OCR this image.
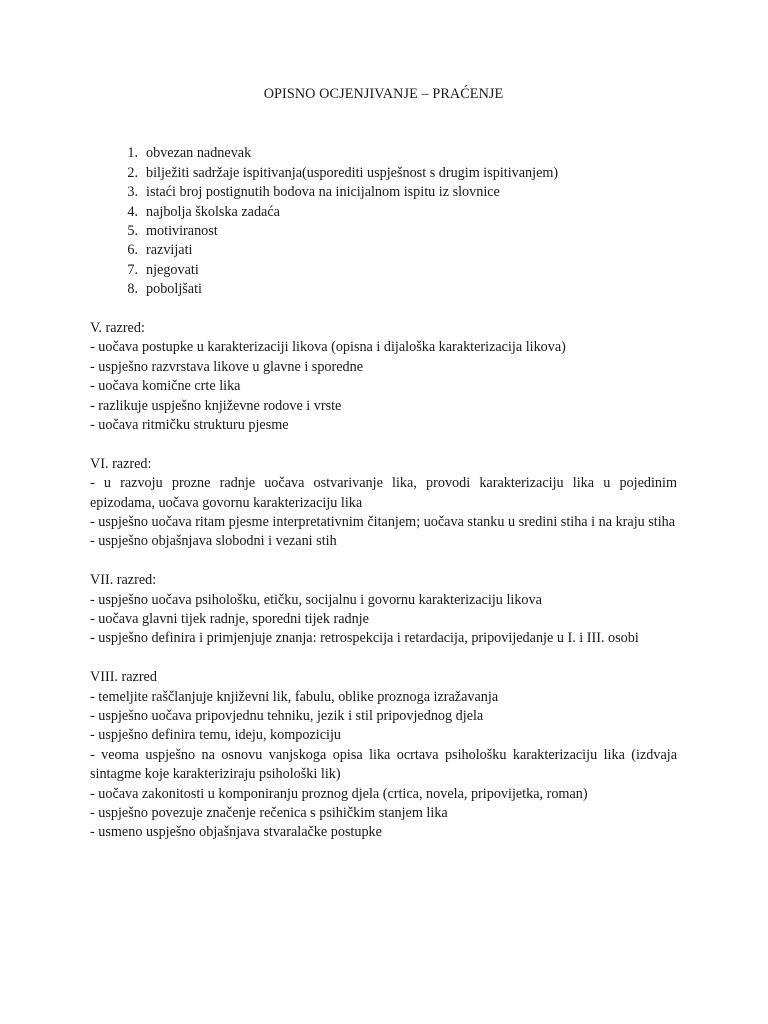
OPISNO OCJENJIVANJE – PRAĆENJE
1. obvezan nadnevak
2. bilježiti sadržaje ispitivanja(usporediti uspješnost s drugim ispitivanjem)
3. istaći broj postignutih bodova na inicijalnom ispitu iz slovnice
4. najbolja školska zadaća
5. motiviranost
6. razvijati
7. njegovati
8. poboljšati

V. razred:

- uočava postupke u karakterizaciji likova (opisna i dijaloška karakterizacija likova)

- uspješno razvrstava likove u glavne i sporedne

- uočava komične crte lika

- razlikuje uspješno književne rodove i vrste

- uočava ritmičku strukturu pjesme

VI. razred:

- u razvoju prozne radnje uočava ostvarivanje lika, provodi karakterizaciju lika u pojedinim epizodama, uočava govornu karakterizaciju lika

- uspješno uočava ritam pjesme interpretativnim čitanjem; uočava stanku u sredini stiha i na kraju stiha

- uspješno objašnjava slobodni i vezani stih

VII. razred:

- uspješno uočava psihološku, etičku, socijalnu i govornu karakterizaciju likova

- uočava glavni tijek radnje, sporedni tijek radnje

- uspješno definira i primjenjuje znanja: retrospekcija i retardacija, pripovijedanje u I. i III. osobi

VIII. razred

- temeljite raščlanjuje književni lik, fabulu, oblike proznoga izražavanja

- uspješno uočava pripovjednu tehniku, jezik i stil pripovjednog djela

- uspješno definira temu, ideju, kompoziciju

- veoma uspješno na osnovu vanjskoga opisa lika ocrtava psihološku karakterizaciju lika (izdvaja sintagme koje karakteriziraju psihološki lik)

- uočava zakonitosti u komponiranju proznog djela (crtica, novela, pripovijetka, roman)

- uspješno povezuje značenje rečenica s psihičkim stanjem lika

- usmeno uspješno objašnjava stvaralačke postupke
